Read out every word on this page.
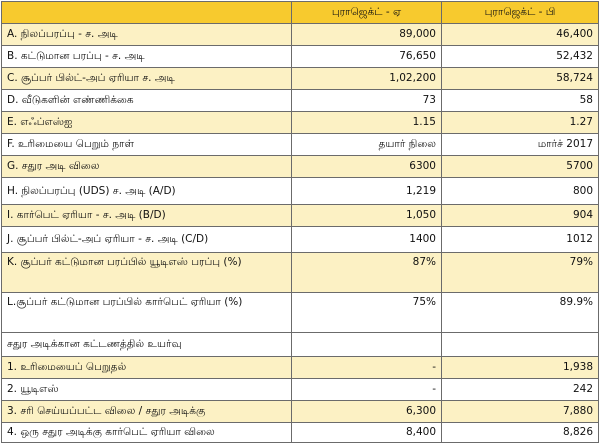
	புராஜெக்ட் - ஏ	புராஜெக்ட் - பி
A. நிலப்பரப்பு - ச. அடி	89,000	46,400
B. கட்டுமான பரப்பு - ச. அடி	76,650	52,432
C. சூப்பர் பில்ட்-அப் ஏரியா ச. அடி	1,02,200	58,724
D. வீடுகளின் எண்ணிக்கை	73	58
E. எஃப்எஸ்ஐ	1.15	1.27
F. உரிமையை பெறும் நாள்	தயார் நிலை	மார்ச் 2017
G. சதுர அடி விலை	6300	5700
H. நிலப்பரப்பு (UDS) ச. அடி (A/D)	1,219	800
I. கார்பெட் ஏரியா - ச. அடி (B/D)	1,050	904
J. சூப்பர் பில்ட்-அப் ஏரியா - ச. அடி (C/D)	1400	1012
K. சூப்பர் கட்டுமான பரப்பில் யூடிஎஸ் பரப்பு (%)	87%	79%
L.சூப்பர் கட்டுமான பரப்பில் கார்பெட் ஏரியா (%)	75%	89.9%
சதுர அடிக்கான கட்டணத்தில் உயர்வு		
1. உரிமையைப் பெறுதல்	-	1,938
2. யூடிஎஸ்	-	242
3. சரி செய்யப்பட்ட விலை / சதுர அடிக்கு	6,300	7,880
4. ஒரு சதுர அடிக்கு கார்பெட் ஏரியா விலை	8,400	8,826
